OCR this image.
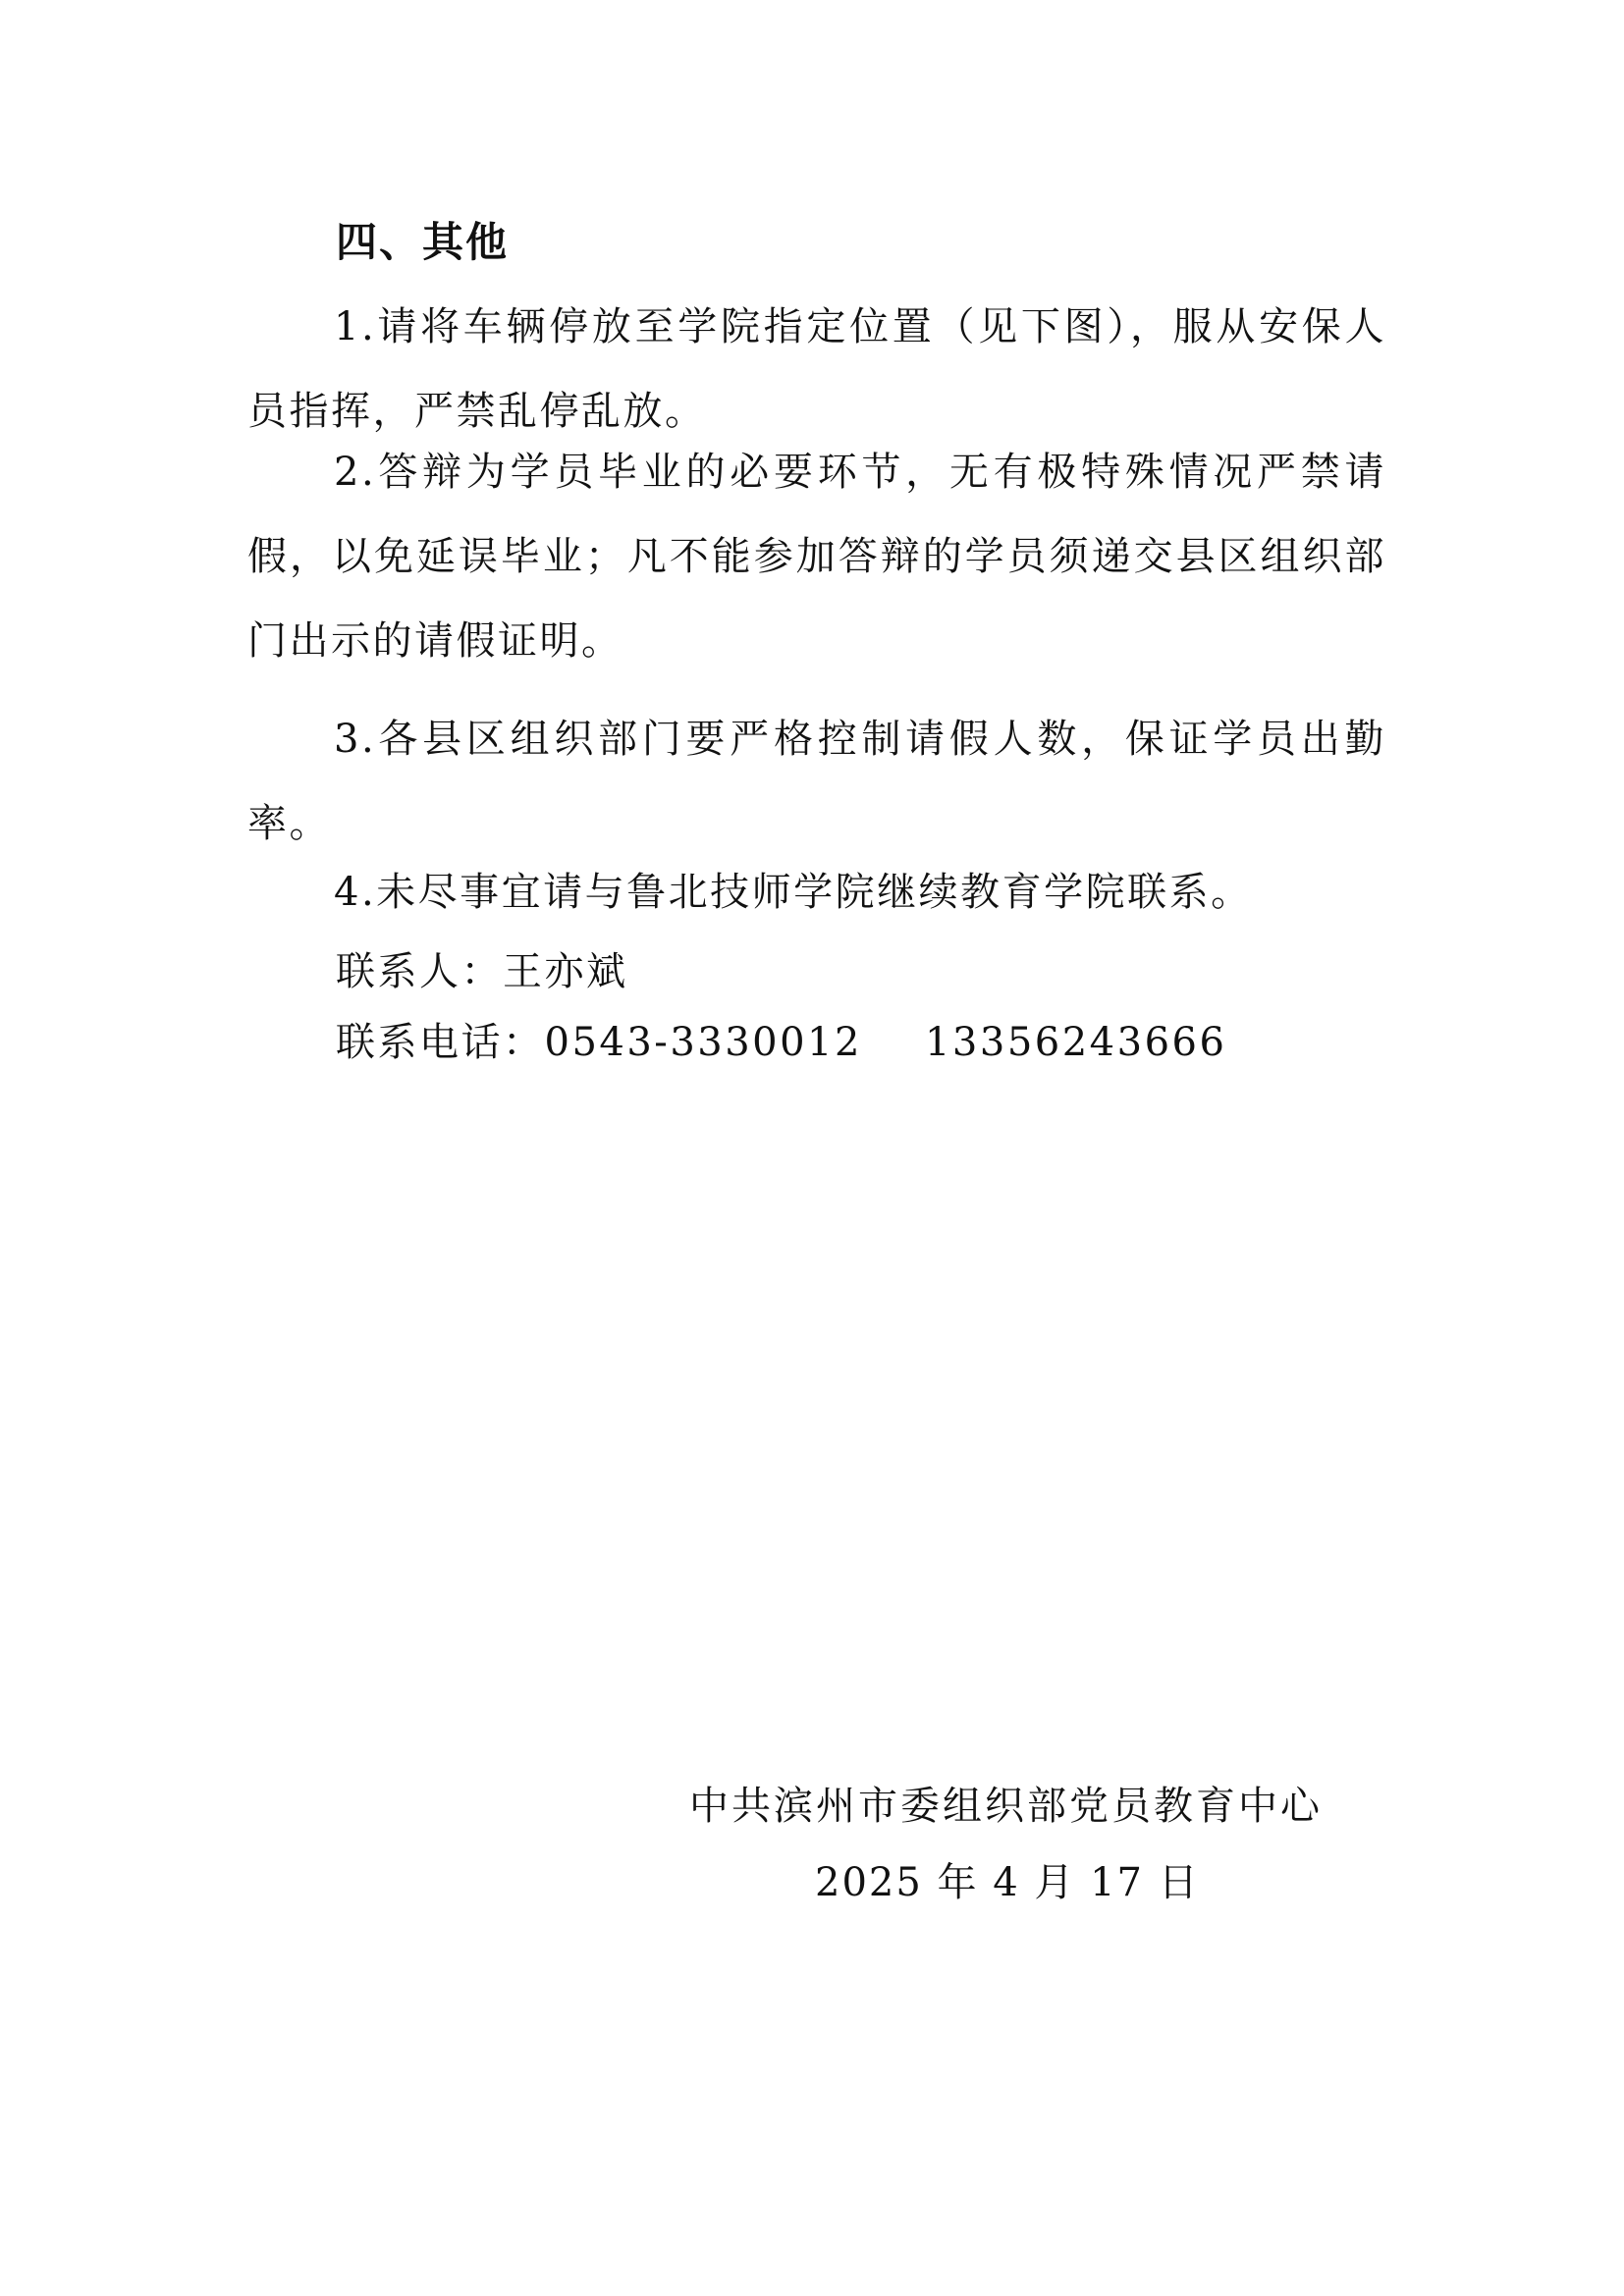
四、其他

1.请将车辆停放至学院指定位置（见下图），服从安保人员指挥，严禁乱停乱放。

2.答辩为学员毕业的必要环节，无有极特殊情况严禁请假，以免延误毕业；凡不能参加答辩的学员须递交县区组织部门出示的请假证明。

3.各县区组织部门要严格控制请假人数，保证学员出勤率。

4.未尽事宜请与鲁北技师学院继续教育学院联系。

联系人：王亦斌
联系电话：0543-3330012 13356243666
中共滨州市委组织部党员教育中心
2025 年 4 月 17 日
